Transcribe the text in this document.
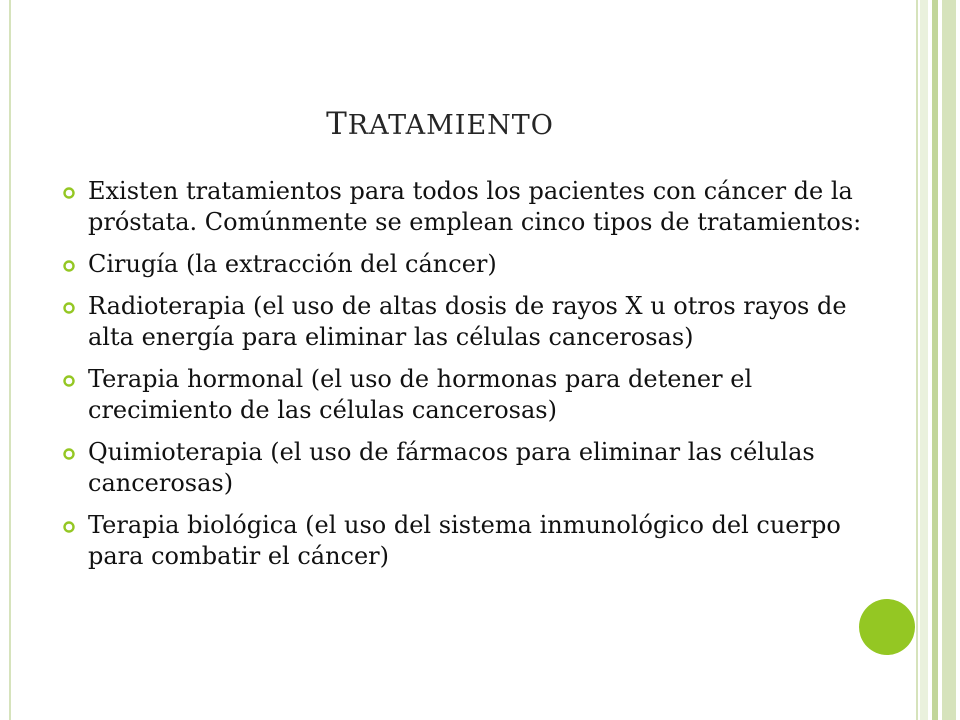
TRATAMIENTO
Existen tratamientos para todos los pacientes con cáncer de la próstata. Comúnmente se emplean cinco tipos de tratamientos:
Cirugía (la extracción del cáncer)
Radioterapia (el uso de altas dosis de rayos X u otros rayos de alta energía para eliminar las células cancerosas)
Terapia hormonal (el uso de hormonas para detener el crecimiento de las células cancerosas)
Quimioterapia (el uso de fármacos para eliminar las células cancerosas)
Terapia biológica (el uso del sistema inmunológico del cuerpo para combatir el cáncer)
